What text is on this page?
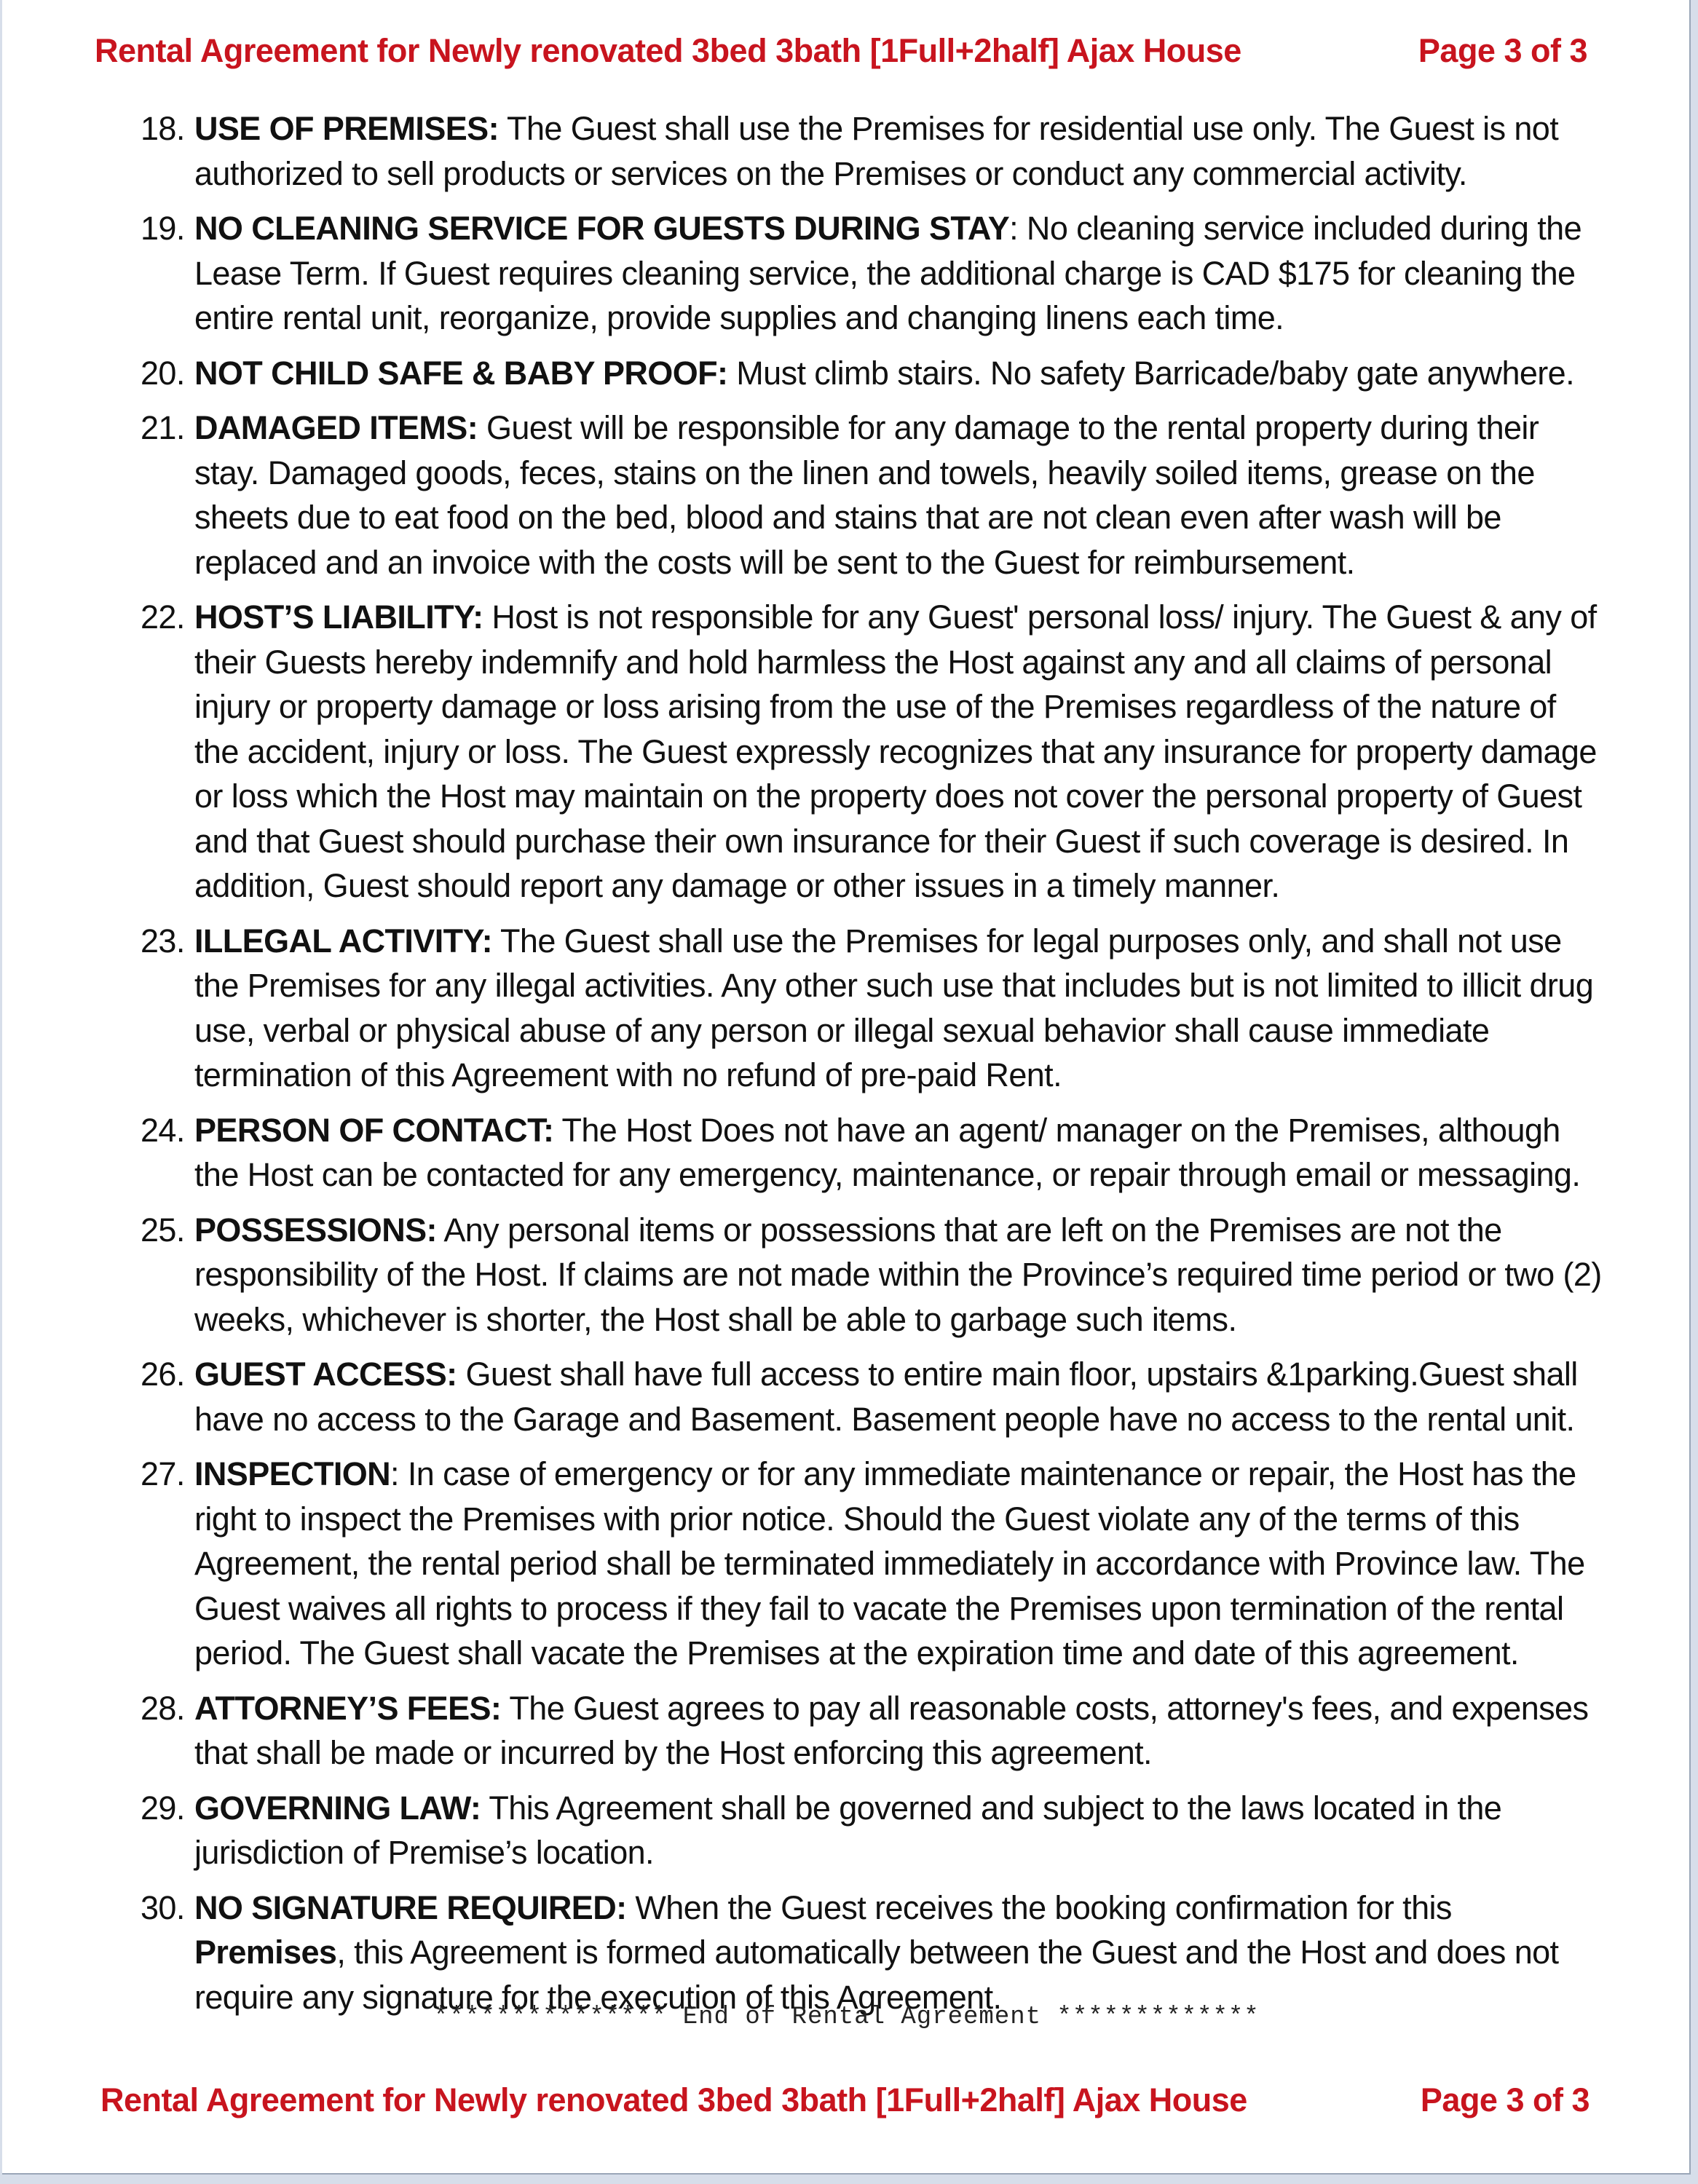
Rental Agreement for Newly renovated 3bed 3bath [1Full+2half] Ajax House	Page 3 of 3
18. USE OF PREMISES: The Guest shall use the Premises for residential use only. The Guest is not authorized to sell products or services on the Premises or conduct any commercial activity.
19. NO CLEANING SERVICE FOR GUESTS DURING STAY: No cleaning service included during the Lease Term. If Guest requires cleaning service, the additional charge is CAD $175 for cleaning the entire rental unit, reorganize, provide supplies and changing linens each time.
20. NOT CHILD SAFE & BABY PROOF: Must climb stairs. No safety Barricade/baby gate anywhere.
21. DAMAGED ITEMS: Guest will be responsible for any damage to the rental property during their stay. Damaged goods, feces, stains on the linen and towels, heavily soiled items, grease on the sheets due to eat food on the bed, blood and stains that are not clean even after wash will be replaced and an invoice with the costs will be sent to the Guest for reimbursement.
22. HOST’S LIABILITY: Host is not responsible for any Guest' personal loss/ injury. The Guest & any of their Guests hereby indemnify and hold harmless the Host against any and all claims of personal injury or property damage or loss arising from the use of the Premises regardless of the nature of the accident, injury or loss. The Guest expressly recognizes that any insurance for property damage or loss which the Host may maintain on the property does not cover the personal property of Guest and that Guest should purchase their own insurance for their Guest if such coverage is desired. In addition, Guest should report any damage or other issues in a timely manner.
23. ILLEGAL ACTIVITY: The Guest shall use the Premises for legal purposes only, and shall not use the Premises for any illegal activities. Any other such use that includes but is not limited to illicit drug use, verbal or physical abuse of any person or illegal sexual behavior shall cause immediate termination of this Agreement with no refund of pre-paid Rent.
24. PERSON OF CONTACT: The Host Does not have an agent/ manager on the Premises, although the Host can be contacted for any emergency, maintenance, or repair through email or messaging.
25. POSSESSIONS: Any personal items or possessions that are left on the Premises are not the responsibility of the Host. If claims are not made within the Province’s required time period or two (2) weeks, whichever is shorter, the Host shall be able to garbage such items.
26. GUEST ACCESS: Guest shall have full access to entire main floor, upstairs &1parking.Guest shall have no access to the Garage and Basement. Basement people have no access to the rental unit.
27. INSPECTION: In case of emergency or for any immediate maintenance or repair, the Host has the right to inspect the Premises with prior notice. Should the Guest violate any of the terms of this Agreement, the rental period shall be terminated immediately in accordance with Province law. The Guest waives all rights to process if they fail to vacate the Premises upon termination of the rental period. The Guest shall vacate the Premises at the expiration time and date of this agreement.
28. ATTORNEY’S FEES: The Guest agrees to pay all reasonable costs, attorney's fees, and expenses that shall be made or incurred by the Host enforcing this agreement.
29. GOVERNING LAW: This Agreement shall be governed and subject to the laws located in the jurisdiction of Premise’s location.
30. NO SIGNATURE REQUIRED: When the Guest receives the booking confirmation for this Premises, this Agreement is formed automatically between the Guest and the Host and does not require any signature for the execution of this Agreement.
*************** End of Rental Agreement *************
Rental Agreement for Newly renovated 3bed 3bath [1Full+2half] Ajax House	Page 3 of 3
